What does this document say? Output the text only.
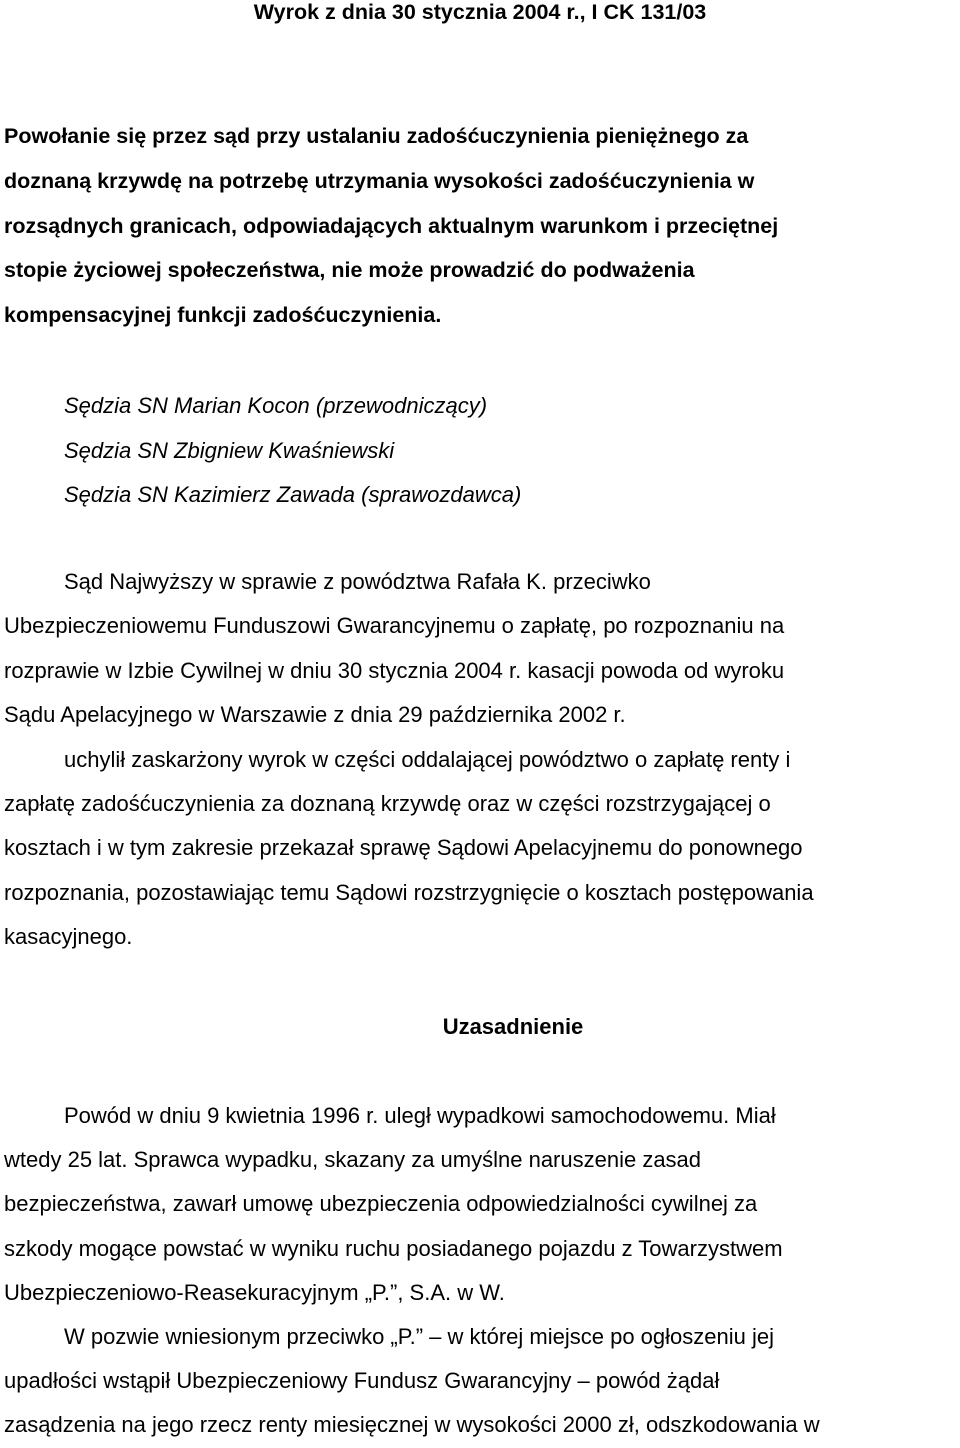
Wyrok z dnia 30 stycznia 2004 r., I CK 131/03
Powołanie się przez sąd przy ustalaniu zadośćuczynienia pieniężnego za
doznaną krzywdę na potrzebę utrzymania wysokości zadośćuczynienia w
rozsądnych granicach, odpowiadających aktualnym warunkom i przeciętnej
stopie życiowej społeczeństwa, nie może prowadzić do podważenia
kompensacyjnej funkcji zadośćuczynienia.
Sędzia SN Marian Kocon (przewodniczący)
Sędzia SN Zbigniew Kwaśniewski
Sędzia SN Kazimierz Zawada (sprawozdawca)
Sąd Najwyższy w sprawie z powództwa Rafała K. przeciwko
Ubezpieczeniowemu Funduszowi Gwarancyjnemu o zapłatę, po rozpoznaniu na
rozprawie w Izbie Cywilnej w dniu 30 stycznia 2004 r. kasacji powoda od wyroku
Sądu Apelacyjnego w Warszawie z dnia 29 października 2002 r.
uchylił zaskarżony wyrok w części oddalającej powództwo o zapłatę renty i
zapłatę zadośćuczynienia za doznaną krzywdę oraz w części rozstrzygającej o
kosztach i w tym zakresie przekazał sprawę Sądowi Apelacyjnemu do ponownego
rozpoznania, pozostawiając temu Sądowi rozstrzygnięcie o kosztach postępowania
kasacyjnego.
Uzasadnienie
Powód w dniu 9 kwietnia 1996 r. uległ wypadkowi samochodowemu. Miał
wtedy 25 lat. Sprawca wypadku, skazany za umyślne naruszenie zasad
bezpieczeństwa, zawarł umowę ubezpieczenia odpowiedzialności cywilnej za
szkody mogące powstać w wyniku ruchu posiadanego pojazdu z Towarzystwem
Ubezpieczeniowo-Reasekuracyjnym „P.”, S.A. w W.
W pozwie wniesionym przeciwko „P.” – w której miejsce po ogłoszeniu jej
upadłości wstąpił Ubezpieczeniowy Fundusz Gwarancyjny – powód żądał
zasądzenia na jego rzecz renty miesięcznej w wysokości 2000 zł, odszkodowania w
